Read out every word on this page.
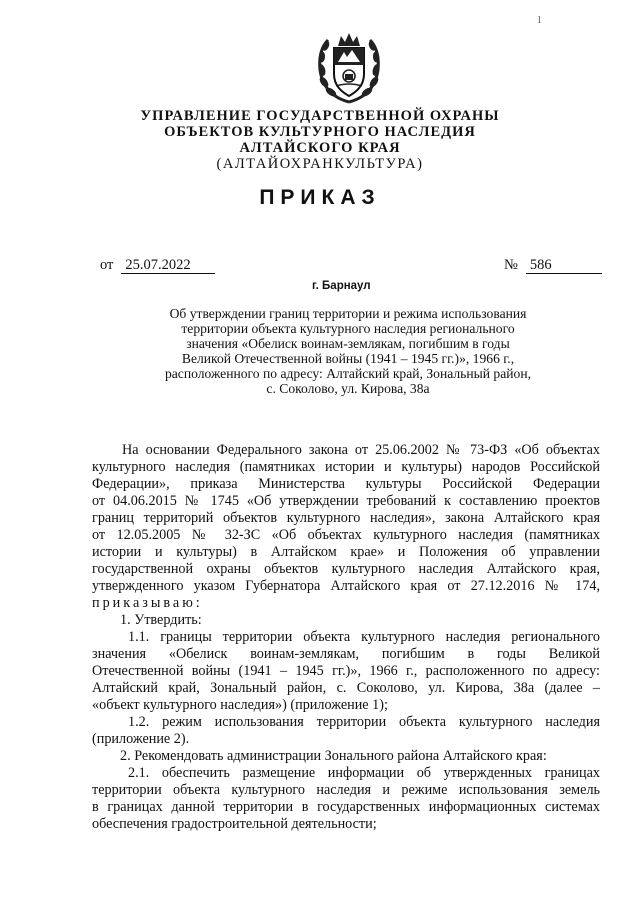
1
УПРАВЛЕНИЕ ГОСУДАРСТВЕННОЙ ОХРАНЫ
ОБЪЕКТОВ КУЛЬТУРНОГО НАСЛЕДИЯ
АЛТАЙСКОГО КРАЯ
(АЛТАЙОХРАНКУЛЬТУРА)
ПРИКАЗ
от 25.07.2022	№ 586
г. Барнаул
Об утверждении границ территории и режима использования
территории объекта культурного наследия регионального
значения «Обелиск воинам-землякам, погибшим в годы
Великой Отечественной войны (1941 – 1945 гг.)», 1966 г.,
расположенного по адресу: Алтайский край, Зональный район,
с. Соколово, ул. Кирова, 38а
На основании Федерального закона от 25.06.2002 № 73-ФЗ «Об объектах
культурного наследия (памятниках истории и культуры) народов Российской
Федерации», приказа Министерства культуры Российской Федерации
от 04.06.2015 № 1745 «Об утверждении требований к составлению проектов
границ территорий объектов культурного наследия», закона Алтайского края
от 12.05.2005 № 32-ЗС «Об объектах культурного наследия (памятниках
истории и культуры) в Алтайском крае» и Положения об управлении
государственной охраны объектов культурного наследия Алтайского края,
утвержденного указом Губернатора Алтайского края от 27.12.2016 № 174,
приказываю:
1. Утвердить:
1.1. границы территории объекта культурного наследия регионального
значения «Обелиск воинам-землякам, погибшим в годы Великой
Отечественной войны (1941 – 1945 гг.)», 1966 г., расположенного по адресу:
Алтайский край, Зональный район, с. Соколово, ул. Кирова, 38а (далее –
«объект культурного наследия») (приложение 1);
1.2. режим использования территории объекта культурного наследия
(приложение 2).
2. Рекомендовать администрации Зонального района Алтайского края:
2.1. обеспечить размещение информации об утвержденных границах
территории объекта культурного наследия и режиме использования земель
в границах данной территории в государственных информационных системах
обеспечения градостроительной деятельности;
